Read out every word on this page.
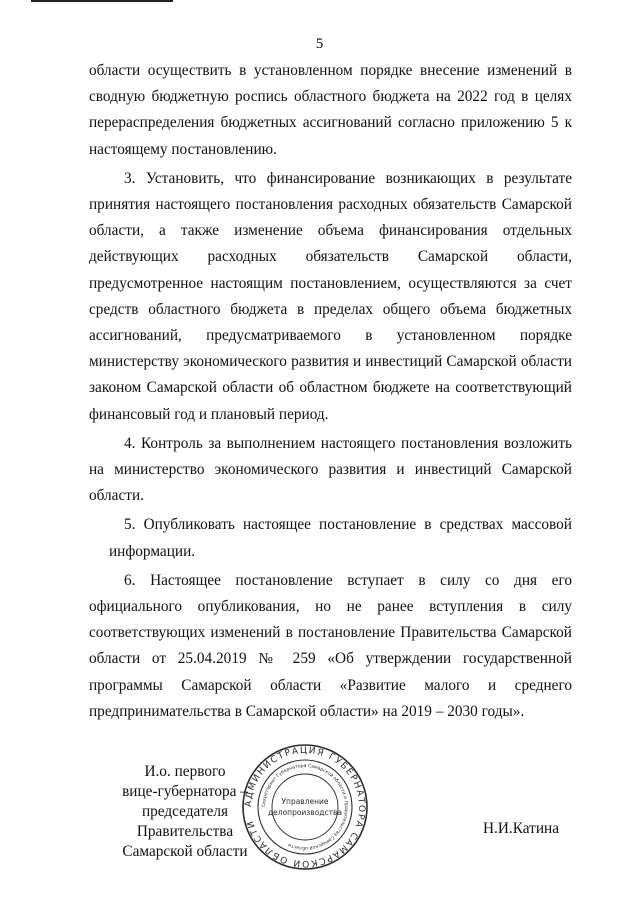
5
области осуществить в установленном порядке внесение изменений в
сводную бюджетную роспись областного бюджета на 2022 год в целях
перераспределения бюджетных ассигнований согласно приложению 5 к
настоящему постановлению.
3. Установить, что финансирование возникающих в результате
принятия настоящего постановления расходных обязательств Самарской
области, а также изменение объема финансирования отдельных
действующих расходных обязательств Самарской области,
предусмотренное настоящим постановлением, осуществляются за счет
средств областного бюджета в пределах общего объема бюджетных
ассигнований, предусматриваемого в установленном порядке
министерству экономического развития и инвестиций Самарской области
законом Самарской области об областном бюджете на соответствующий
финансовый год и плановый период.
4. Контроль за выполнением настоящего постановления возложить
на министерство экономического развития и инвестиций Самарской
области.
5. Опубликовать настоящее постановление в средствах массовой
информации.
6. Настоящее постановление вступает в силу со дня его
официального опубликования, но не ранее вступления в силу
соответствующих изменений в постановление Правительства Самарской
области от 25.04.2019 № 259 «Об утверждении государственной
программы Самарской области «Развитие малого и среднего
предпринимательства в Самарской области» на 2019 – 2030 годы».
И.о. первого
вице-губернатора –
председателя Правительства
Самарской области
АДМИНИСТРАЦИЯ ГУБЕРНАТОРА САМАРСКОЙ ОБЛАСТИ
Секретариат Губернатора Самарской области и Правительства Самарской области
Управление
делопроизводства
Н.И.Катина
